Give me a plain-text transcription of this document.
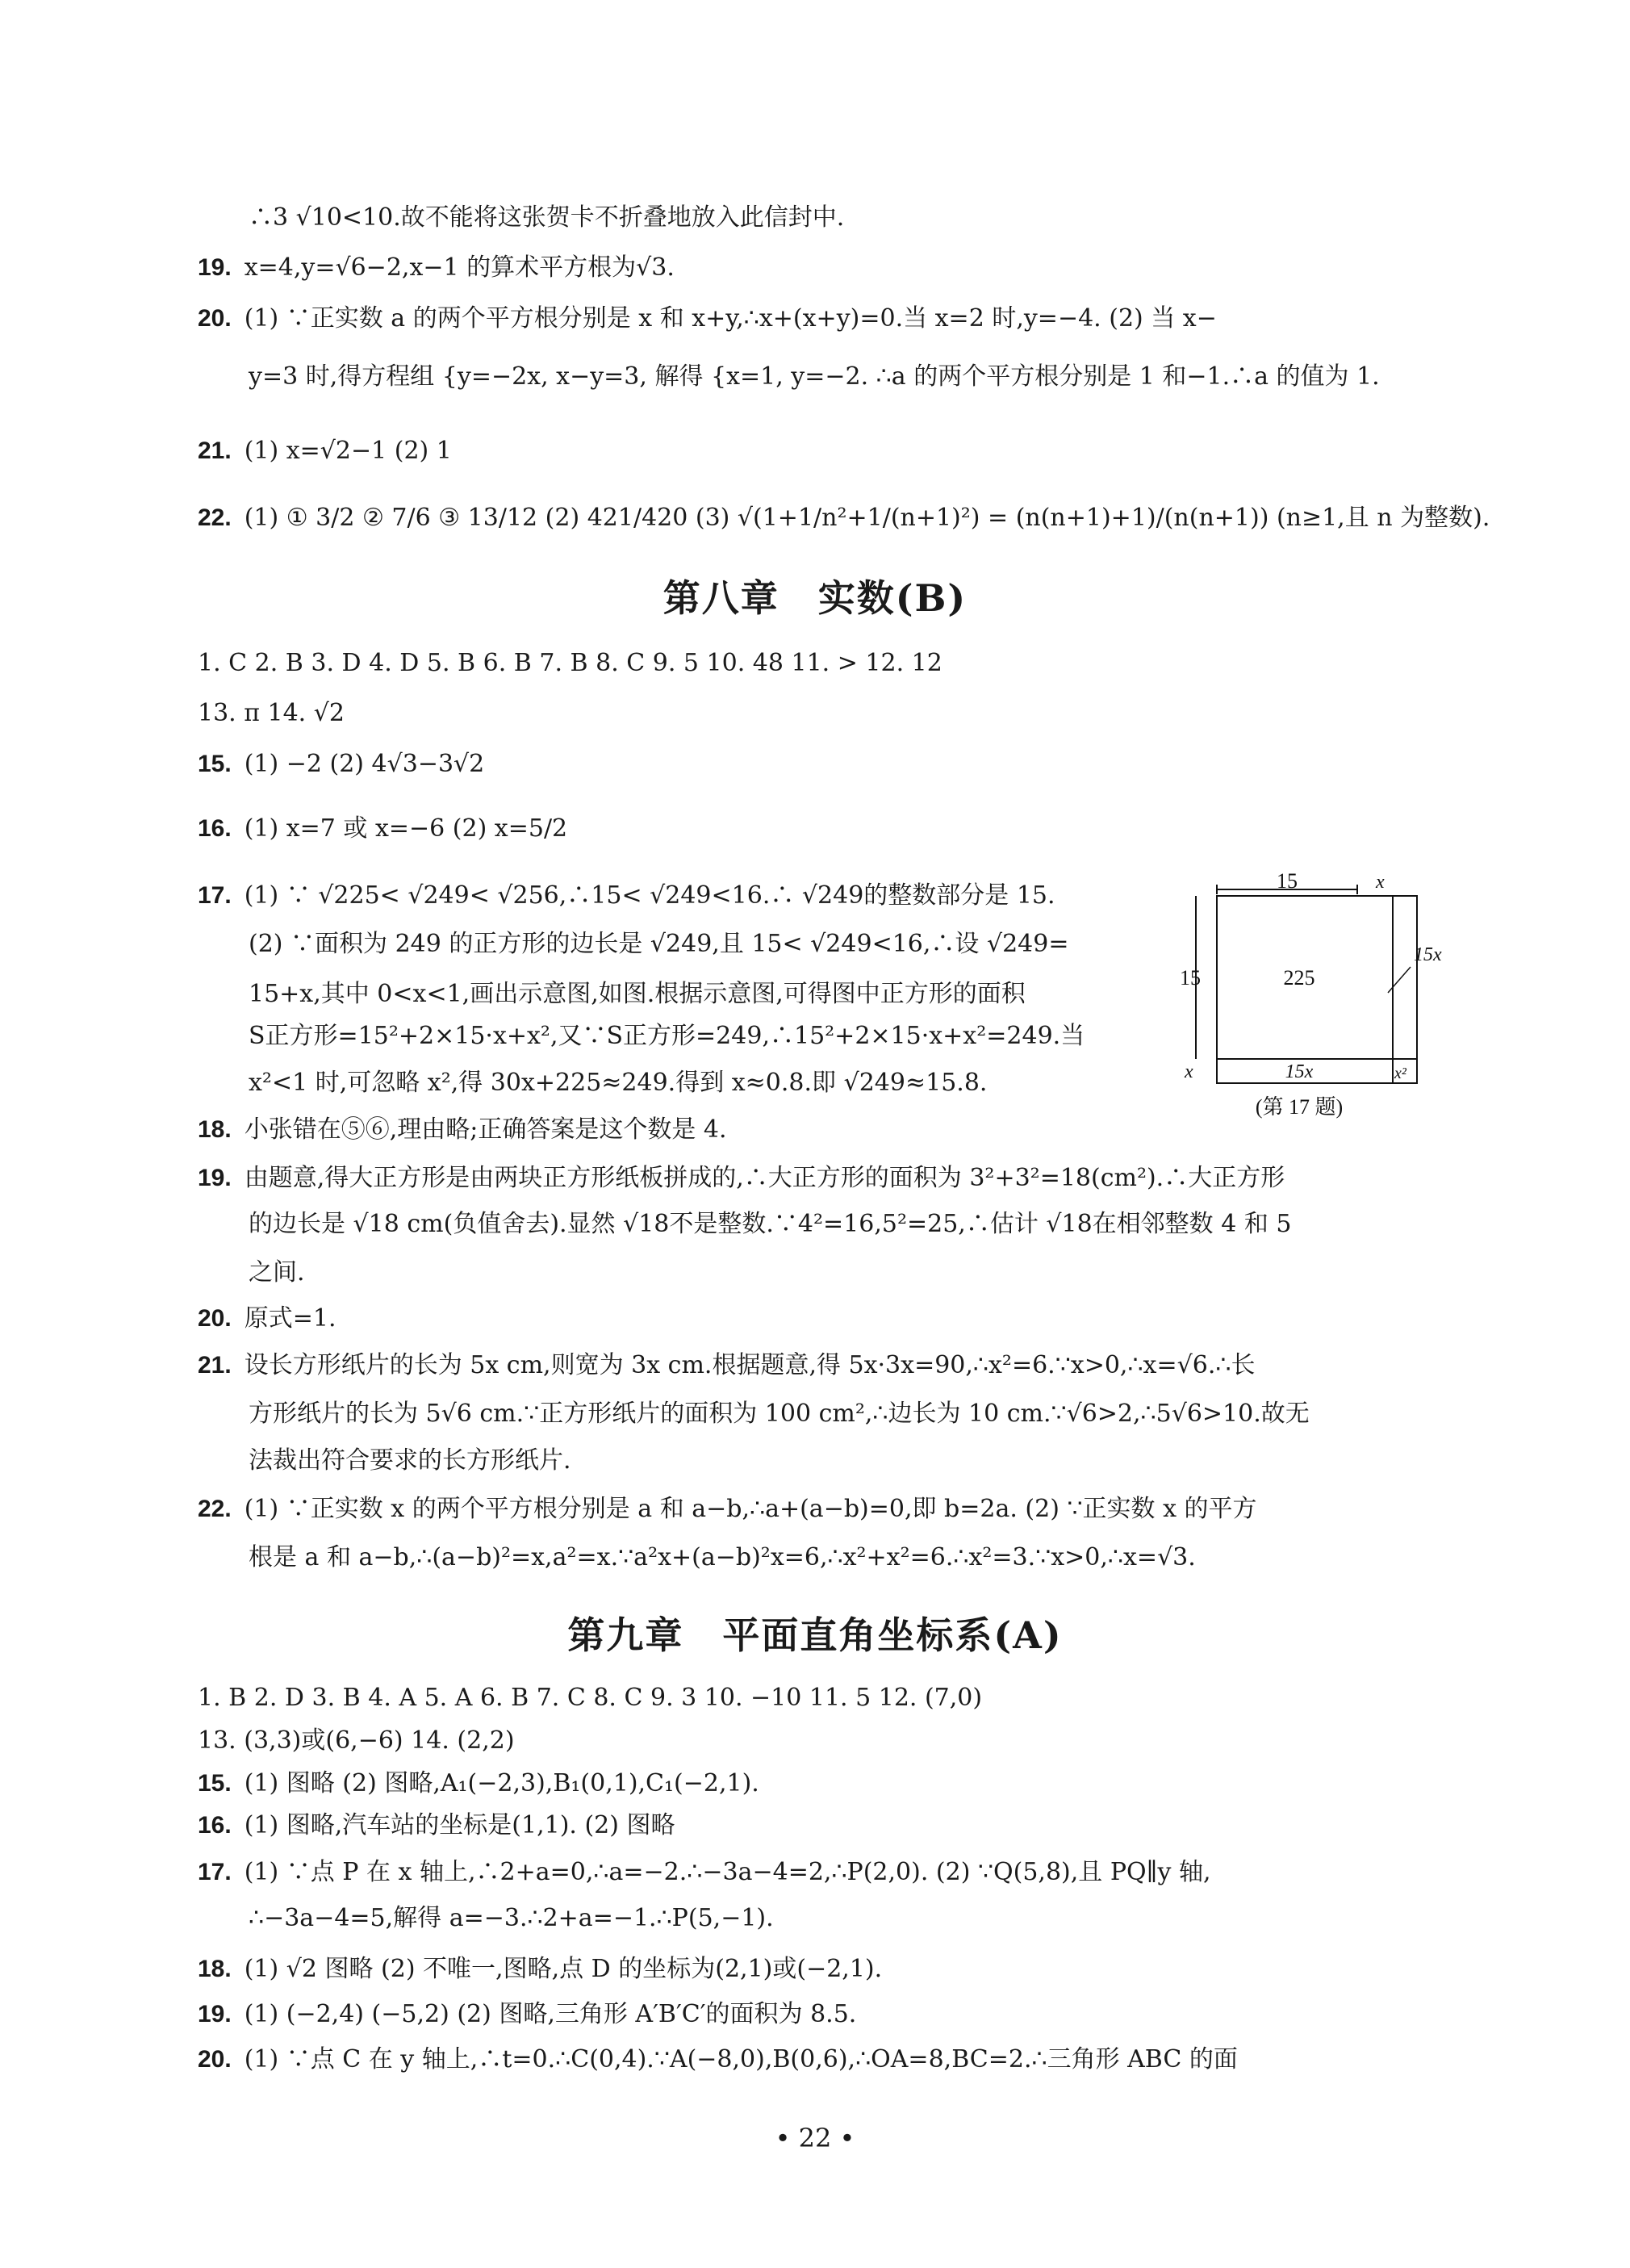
∴3 √10<10.故不能将这张贺卡不折叠地放入此信封中.
19. x=4,y=√6−2,x−1 的算术平方根为√3.
20. (1) ∵正实数 a 的两个平方根分别是 x 和 x+y,∴x+(x+y)=0.当 x=2 时,y=−4. (2) 当 x−
y=3 时,得方程组 {y=−2x, x−y=3, 解得 {x=1, y=−2. ∴a 的两个平方根分别是 1 和−1.∴a 的值为 1.
21. (1) x=√2−1 (2) 1
22. (1) ① 3/2 ② 7/6 ③ 13/12 (2) 421/420 (3) √(1+1/n²+1/(n+1)²) = (n(n+1)+1)/(n(n+1)) (n≥1,且 n 为整数).
第八章　实数(B)
1. C 2. B 3. D 4. D 5. B 6. B 7. B 8. C 9. 5 10. 48 11. > 12. 12
13. π 14. √2
15. (1) −2 (2) 4√3−3√2
16. (1) x=7 或 x=−6 (2) x=5/2
17. (1) ∵ √225< √249< √256,∴15< √249<16.∴ √249的整数部分是 15.
(2) ∵面积为 249 的正方形的边长是 √249,且 15< √249<16,∴设 √249=
15+x,其中 0<x<1,画出示意图,如图.根据示意图,可得图中正方形的面积
S正方形=15²+2×15·x+x²,又∵S正方形=249,∴15²+2×15·x+x²=249.当
x²<1 时,可忽略 x²,得 30x+225≈249.得到 x≈0.8.即 √249≈15.8.
18. 小张错在⑤⑥,理由略;正确答案是这个数是 4.
19. 由题意,得大正方形是由两块正方形纸板拼成的,∴大正方形的面积为 3²+3²=18(cm²).∴大正方形
的边长是 √18 cm(负值舍去).显然 √18不是整数.∵4²=16,5²=25,∴估计 √18在相邻整数 4 和 5
之间.
20. 原式=1.
21. 设长方形纸片的长为 5x cm,则宽为 3x cm.根据题意,得 5x·3x=90,∴x²=6.∵x>0,∴x=√6.∴长
方形纸片的长为 5√6 cm.∵正方形纸片的面积为 100 cm²,∴边长为 10 cm.∵√6>2,∴5√6>10.故无
法裁出符合要求的长方形纸片.
22. (1) ∵正实数 x 的两个平方根分别是 a 和 a−b,∴a+(a−b)=0,即 b=2a. (2) ∵正实数 x 的平方
根是 a 和 a−b,∴(a−b)²=x,a²=x.∵a²x+(a−b)²x=6,∴x²+x²=6.∴x²=3.∵x>0,∴x=√3.
15	x
15
x
225
15x
15x	x²
(第 17 题)
第九章　平面直角坐标系(A)
1. B 2. D 3. B 4. A 5. A 6. B 7. C 8. C 9. 3 10. −10 11. 5 12. (7,0)
13. (3,3)或(6,−6) 14. (2,2)
15. (1) 图略 (2) 图略,A₁(−2,3),B₁(0,1),C₁(−2,1).
16. (1) 图略,汽车站的坐标是(1,1). (2) 图略
17. (1) ∵点 P 在 x 轴上,∴2+a=0,∴a=−2.∴−3a−4=2,∴P(2,0). (2) ∵Q(5,8),且 PQ∥y 轴,
∴−3a−4=5,解得 a=−3.∴2+a=−1.∴P(5,−1).
18. (1) √2 图略 (2) 不唯一,图略,点 D 的坐标为(2,1)或(−2,1).
19. (1) (−2,4) (−5,2) (2) 图略,三角形 A′B′C′的面积为 8.5.
20. (1) ∵点 C 在 y 轴上,∴t=0.∴C(0,4).∵A(−8,0),B(0,6),∴OA=8,BC=2.∴三角形 ABC 的面
• 22 •
